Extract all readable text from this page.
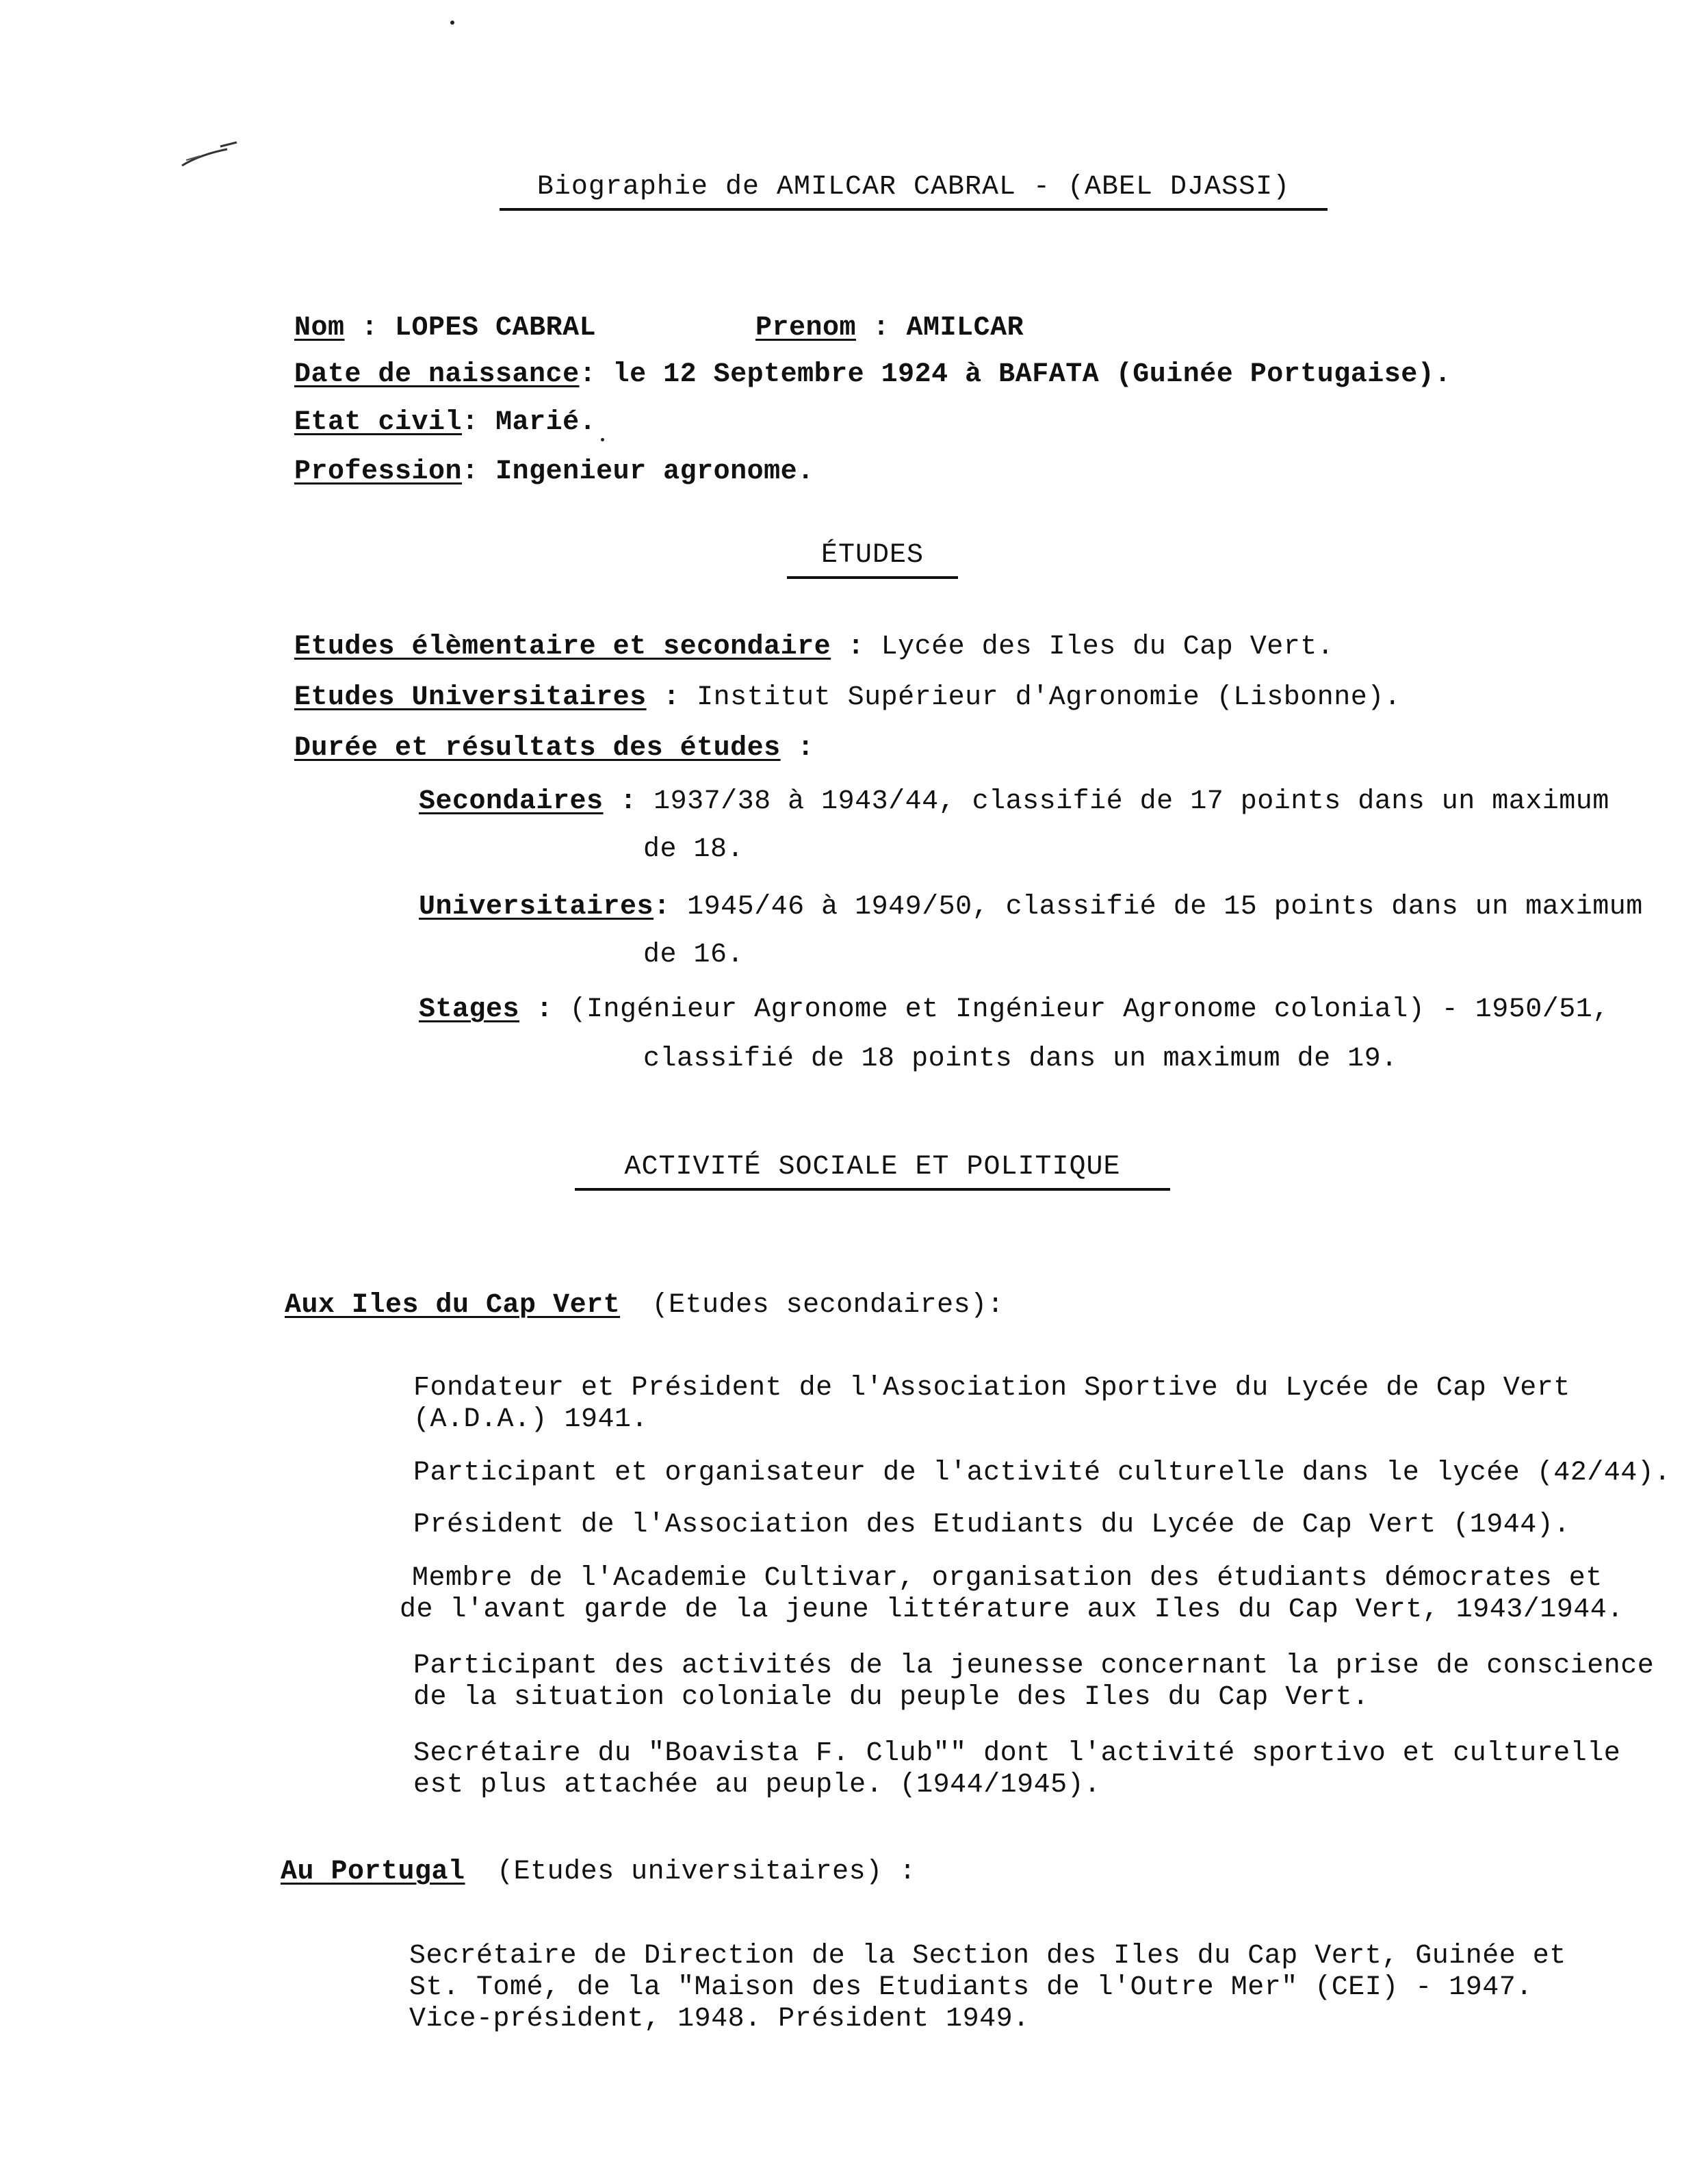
Biographie de AMILCAR CABRAL - (ABEL DJASSI)
Nom : LOPES CABRAL	Prenom : AMILCAR
Date de naissance: le 12 Septembre 1924 à BAFATA (Guinée Portugaise).
Etat civil: Marié.
Profession: Ingenieur agronome.
ÉTUDES
Etudes élèmentaire et secondaire : Lycée des Iles du Cap Vert.
Etudes Universitaires : Institut Supérieur d'Agronomie (Lisbonne).
Durée et résultats des études :
Secondaires : 1937/38 à 1943/44, classifié de 17 points dans un maximum
de 18.
Universitaires: 1945/46 à 1949/50, classifié de 15 points dans un maximum
de 16.
Stages : (Ingénieur Agronome et Ingénieur Agronome colonial) - 1950/51,
classifié de 18 points dans un maximum de 19.
ACTIVITÉ SOCIALE ET POLITIQUE
Aux Iles du Cap Vert (Etudes secondaires):
Fondateur et Président de l'Association Sportive du Lycée de Cap Vert
(A.D.A.) 1941.
Participant et organisateur de l'activité culturelle dans le lycée (42/44).
Président de l'Association des Etudiants du Lycée de Cap Vert (1944).
Membre de l'Academie Cultivar, organisation des étudiants démocrates et
de l'avant garde de la jeune littérature aux Iles du Cap Vert, 1943/1944.
Participant des activités de la jeunesse concernant la prise de conscience
de la situation coloniale du peuple des Iles du Cap Vert.
Secrétaire du "Boavista F. Club"" dont l'activité sportivo et culturelle
est plus attachée au peuple. (1944/1945).
Au Portugal (Etudes universitaires) :
Secrétaire de Direction de la Section des Iles du Cap Vert, Guinée et
St. Tomé, de la "Maison des Etudiants de l'Outre Mer" (CEI) - 1947.
Vice-président, 1948. Président 1949.
